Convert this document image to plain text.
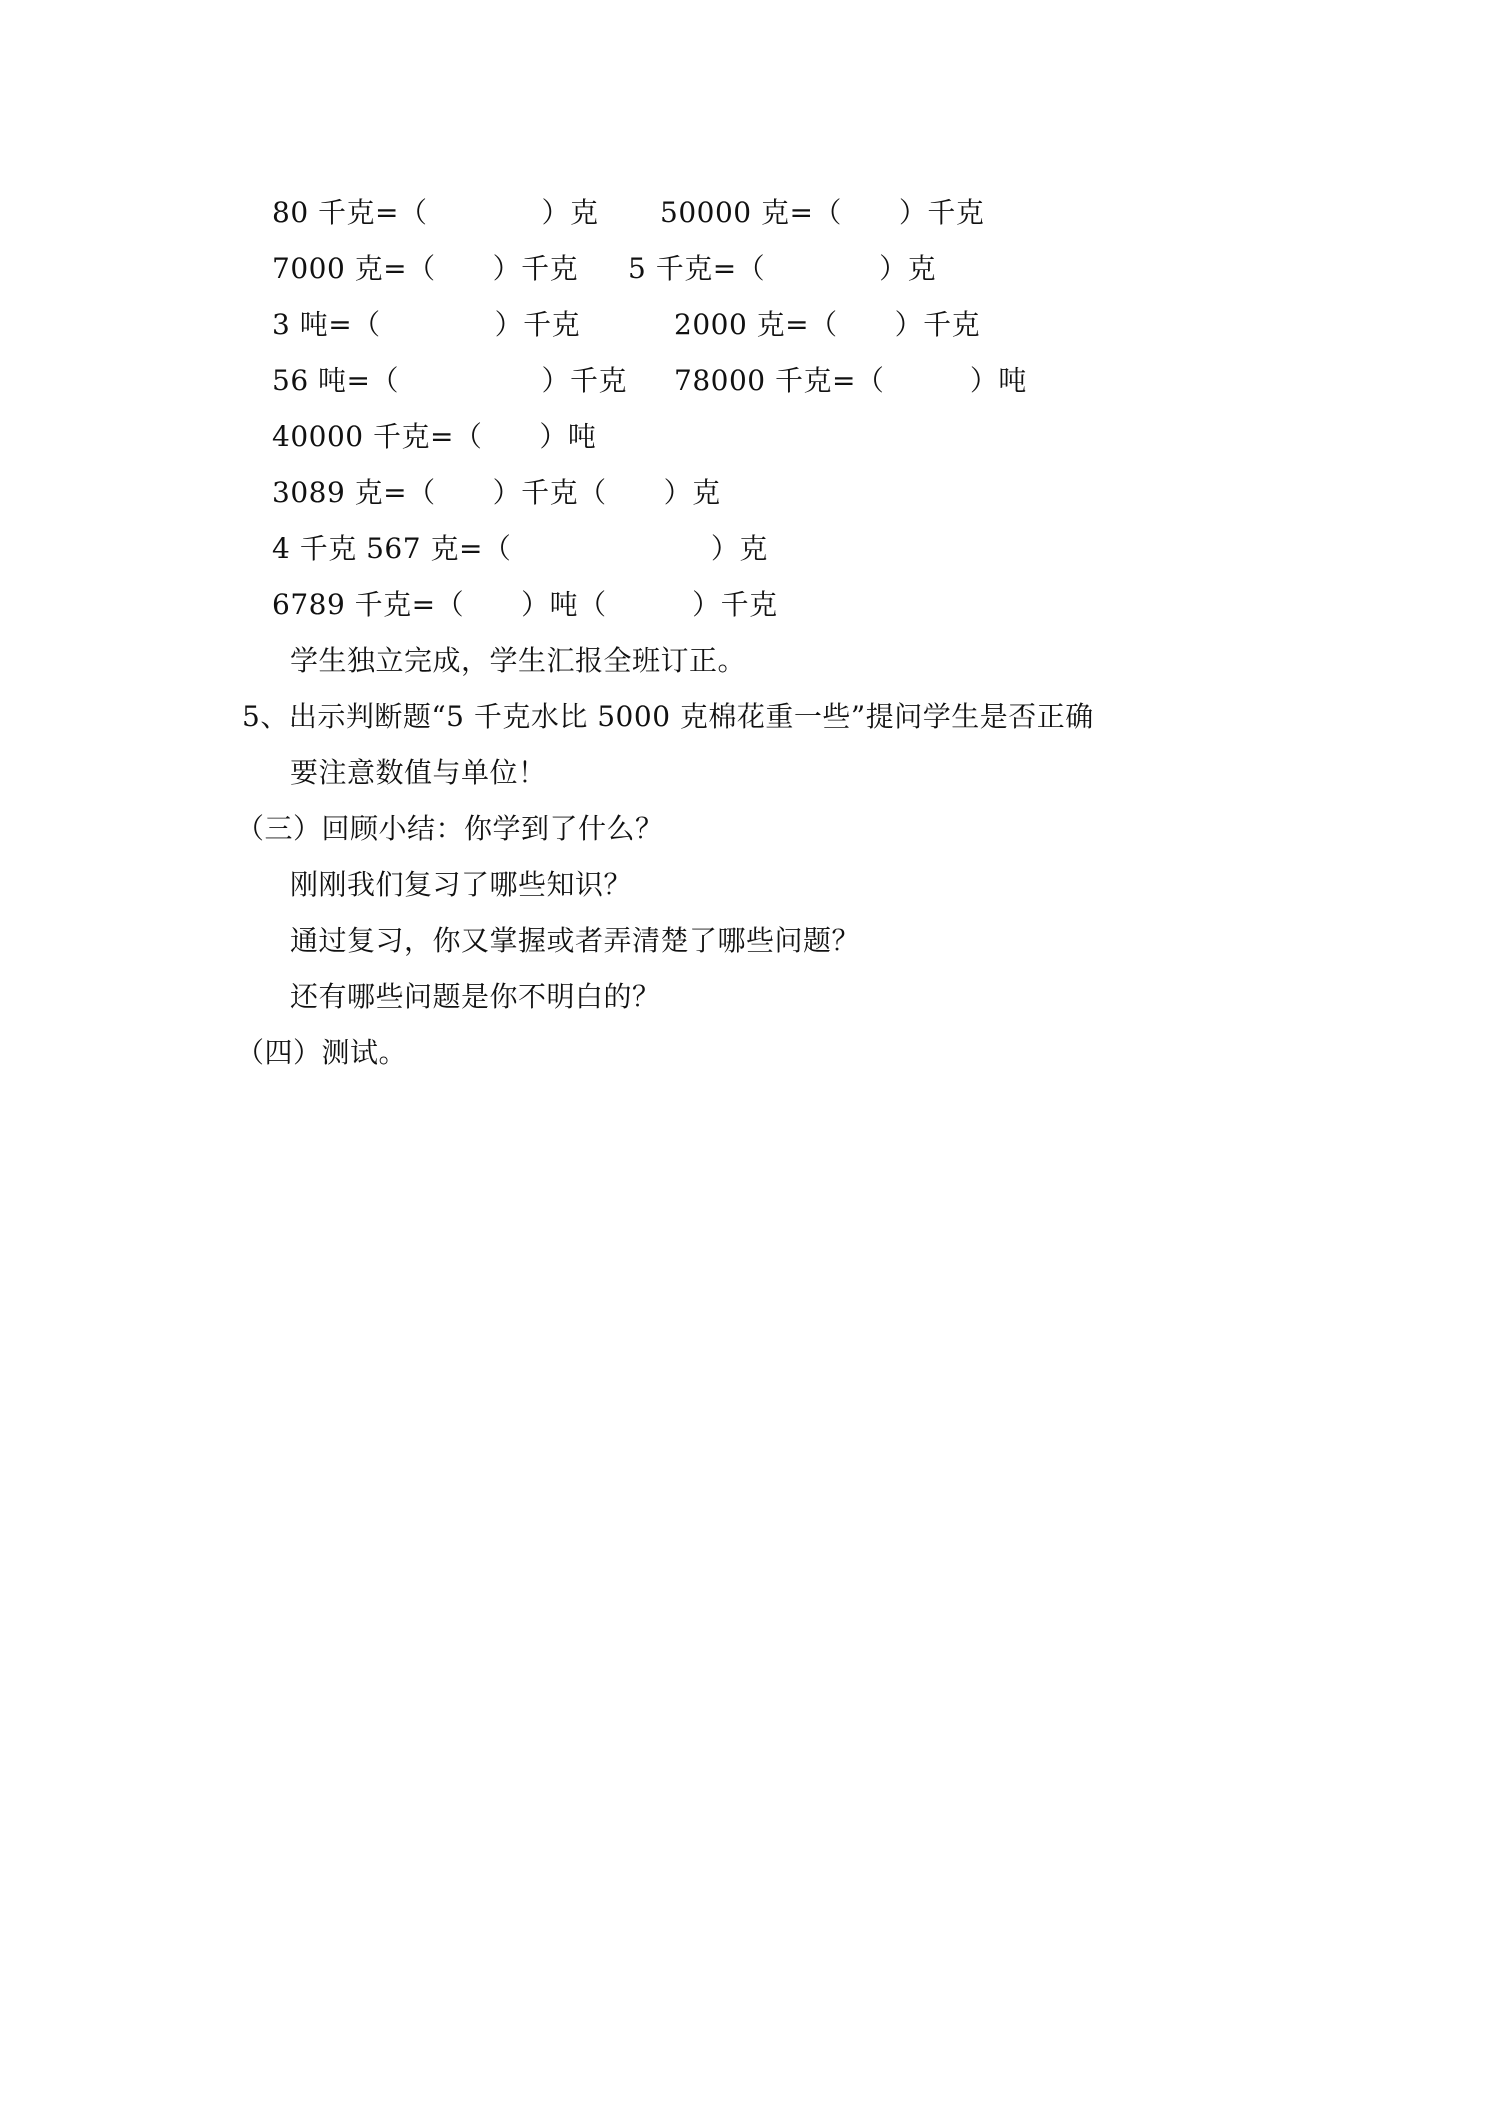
80 千克=（　　　　）克 50000 克=（　　）千克
7000 克=（　　）千克 5 千克=（　　　　）克
3 吨=（　　　　）千克	2000 克=（　　）千克
56 吨=（　　　　　）千克 78000 千克=（　　　）吨
40000 千克=（　　）吨
3089 克=（　　）千克（　　）克
4 千克 567 克=（　　　　　　　）克
6789 千克=（　　）吨（　　　）千克
学生独立完成，学生汇报全班订正。
5、出示判断题“5 千克水比 5000 克棉花重一些”提问学生是否正确
要注意数值与单位！
（三）回顾小结：你学到了什么？
刚刚我们复习了哪些知识？
通过复习，你又掌握或者弄清楚了哪些问题？
还有哪些问题是你不明白的？
（四）测试。
